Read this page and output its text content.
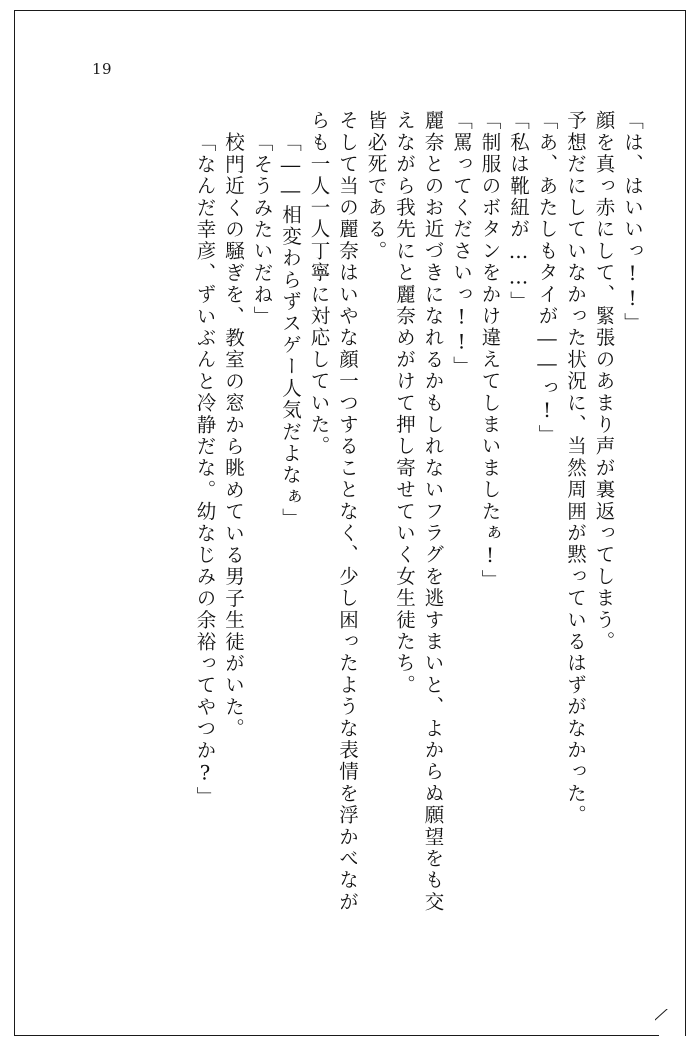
19
「は、はいいっ!!」
顔を真っ赤にして、緊張のあまり声が裏返ってしまう。
予想だにしていなかった状況に、当然周囲が黙っているはずがなかった。
「あ、あたしもタイが――っ!」
「私は靴紐が……」
「制服のボタンをかけ違えてしまいましたぁ!」
「罵ってくださいっ!!」
麗奈とのお近づきになれるかもしれないフラグを逃すまいと、よからぬ願望をも交
えながら我先にと麗奈めがけて押し寄せていく女生徒たち。
皆必死である。
そして当の麗奈はいやな顔一つすることなく、少し困ったような表情を浮かべなが
らも一人一人丁寧に対応していた。
「――相変わらずスゲー人気だよなぁ」
「そうみたいだね」
校門近くの騒ぎを、教室の窓から眺めている男子生徒がいた。
「なんだ幸彦、ずいぶんと冷静だな。幼なじみの余裕ってやつか?」
